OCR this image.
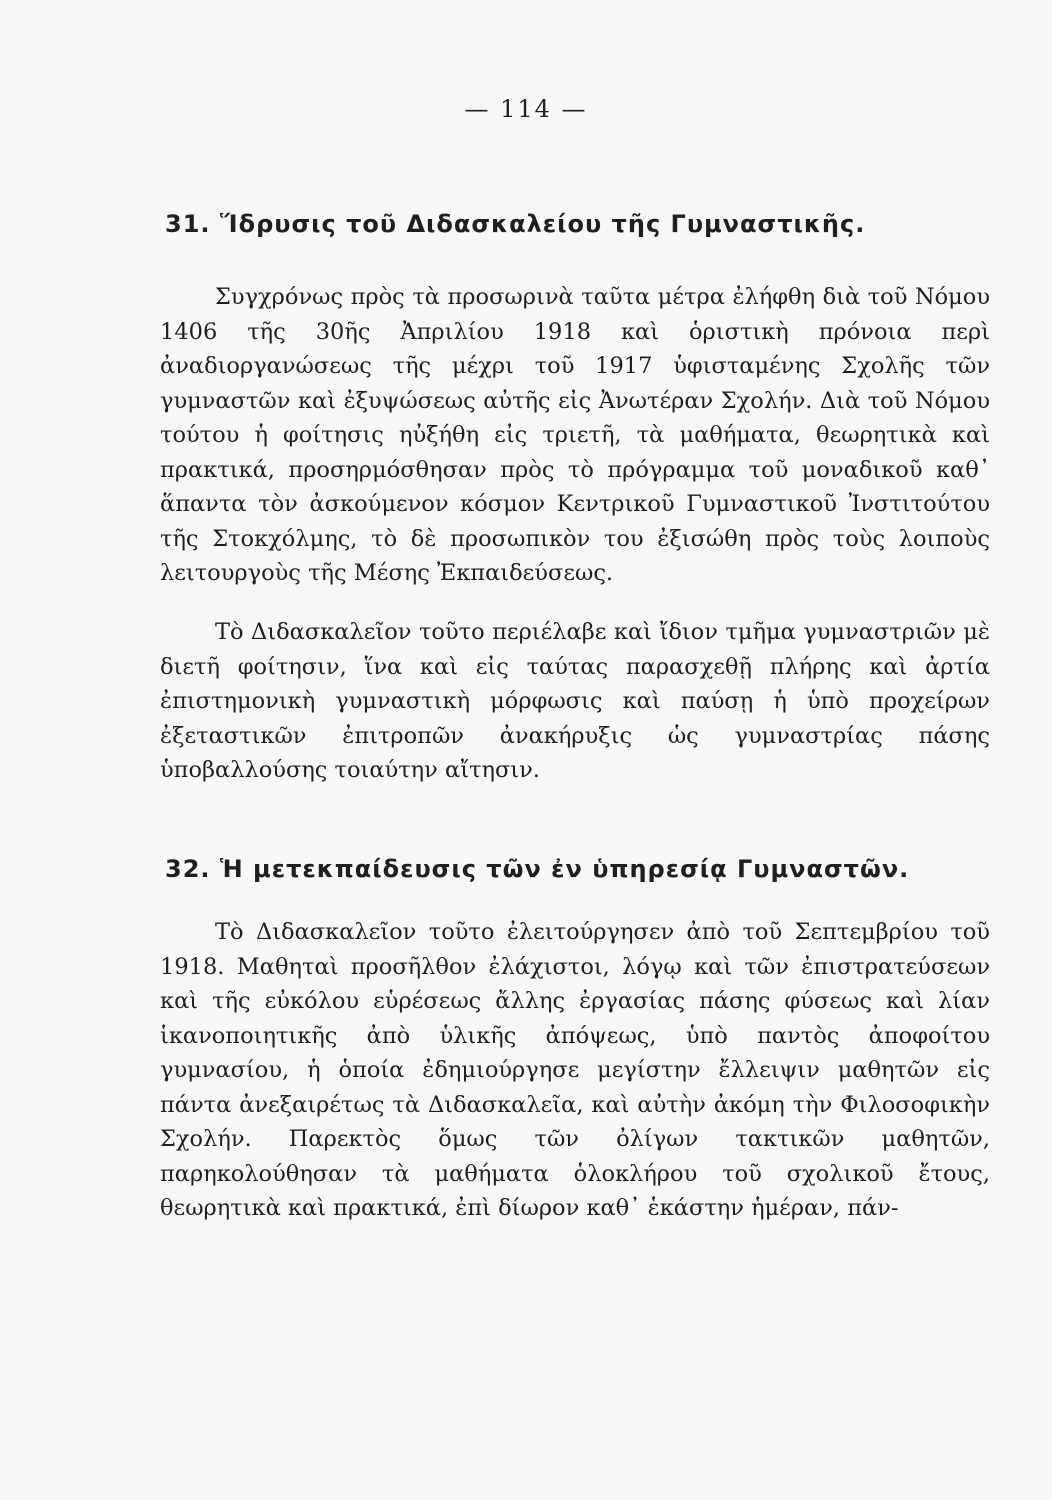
— 114 —
31. Ἵδρυσις τοῦ Διδασκαλείου τῆς Γυμναστικῆς.

Συγχρόνως πρὸς τὰ προσωρινὰ ταῦτα μέτρα ἐλήφθη διὰ τοῦ Νόμου 1406 τῆς 30ῆς Ἀπριλίου 1918 καὶ ὁριστικὴ πρόνοια περὶ ἀναδιοργανώσεως τῆς μέχρι τοῦ 1917 ὑφισταμένης Σχολῆς τῶν γυμναστῶν καὶ ἐξυψώσεως αὐτῆς εἰς Ἀνωτέραν Σχολήν. Διὰ τοῦ Νόμου τούτου ἡ φοίτησις ηὐξήθη εἰς τριετῆ, τὰ μαθήματα, θεωρητικὰ καὶ πρακτικά, προσηρμόσθησαν πρὸς τὸ πρόγραμμα τοῦ μοναδικοῦ καθ᾽ ἅπαντα τὸν ἀσκούμενον κόσμον Κεντρικοῦ Γυμναστικοῦ Ἰνστιτούτου τῆς Στοκχόλμης, τὸ δὲ προσωπικὸν του ἐξισώθη πρὸς τοὺς λοιποὺς λειτουργοὺς τῆς Μέσης Ἐκπαιδεύσεως.

Τὸ Διδασκαλεῖον τοῦτο περιέλαβε καὶ ἴδιον τμῆμα γυμναστριῶν μὲ διετῆ φοίτησιν, ἵνα καὶ εἰς ταύτας παρασχεθῇ πλήρης καὶ ἀρτία ἐπιστημονικὴ γυμναστικὴ μόρφωσις καὶ παύσῃ ἡ ὑπὸ προχείρων ἐξεταστικῶν ἐπιτροπῶν ἀνακήρυξις ὡς γυμναστρίας πάσης ὑποβαλλούσης τοιαύτην αἴτησιν.

32. Ἡ μετεκπαίδευσις τῶν ἐν ὑπηρεσίᾳ Γυμναστῶν.

Τὸ Διδασκαλεῖον τοῦτο ἐλειτούργησεν ἀπὸ τοῦ Σεπτεμβρίου τοῦ 1918. Μαθηταὶ προσῆλθον ἐλάχιστοι, λόγῳ καὶ τῶν ἐπιστρατεύσεων καὶ τῆς εὐκόλου εὑρέσεως ἄλλης ἐργασίας πάσης φύσεως καὶ λίαν ἱκανοποιητικῆς ἀπὸ ὑλικῆς ἀπόψεως, ὑπὸ παντὸς ἀποφοίτου γυμνασίου, ἡ ὁποία ἐδημιούργησε μεγίστην ἔλλειψιν μαθητῶν εἰς πάντα ἀνεξαιρέτως τὰ Διδασκαλεῖα, καὶ αὐτὴν ἀκόμη τὴν Φιλοσοφικὴν Σχολήν. Παρεκτὸς ὅμως τῶν ὀλίγων τακτικῶν μαθητῶν, παρηκολούθησαν τὰ μαθήματα ὁλοκλήρου τοῦ σχολικοῦ ἔτους, θεωρητικὰ καὶ πρακτικά, ἐπὶ δίωρον καθ᾽ ἑκάστην ἡμέραν, πάν-
